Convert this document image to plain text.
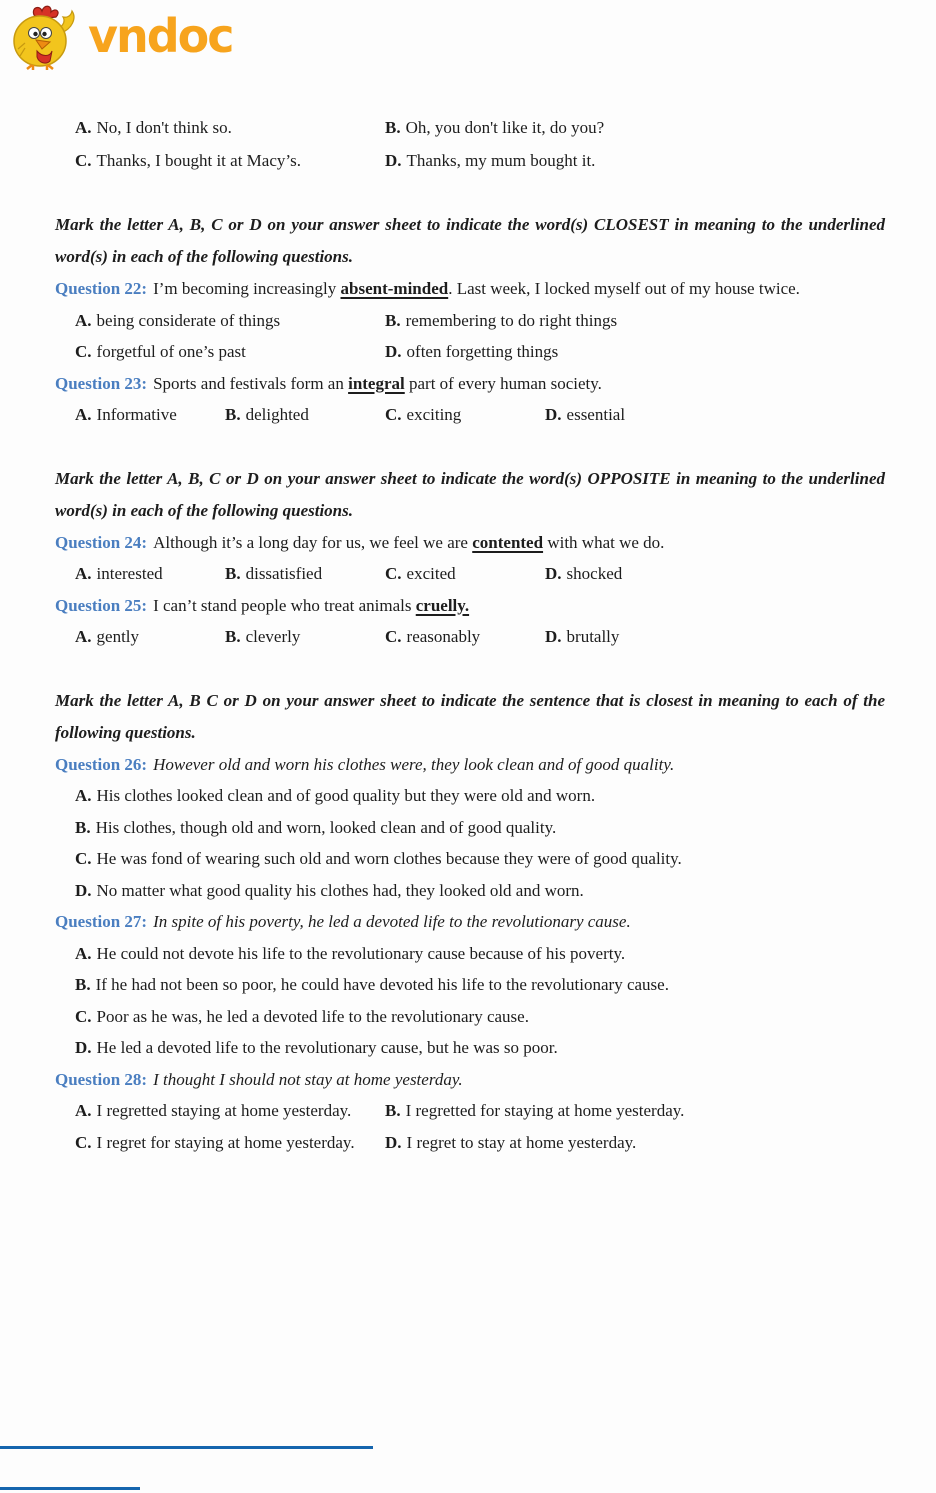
vndoc

A. No, I don't think so.	B. Oh, you don't like it, do you?

C. Thanks, I bought it at Macy’s.	D. Thanks, my mum bought it.

Mark the letter A, B, C or D on your answer sheet to indicate the word(s) CLOSEST in meaning to the underlined word(s) in each of the following questions.

Question 22: I’m becoming increasingly absent-minded. Last week, I locked myself out of my house twice.

A. being considerate of things	B. remembering to do right things

C. forgetful of one’s past	D. often forgetting things

Question 23: Sports and festivals form an integral part of every human society.

A. Informative	B. delighted	C. exciting	D. essential

Mark the letter A, B, C or D on your answer sheet to indicate the word(s) OPPOSITE in meaning to the underlined word(s) in each of the following questions.

Question 24: Although it’s a long day for us, we feel we are contented with what we do.

A. interested	B. dissatisfied	C. excited	D. shocked

Question 25: I can’t stand people who treat animals cruelly.

A. gently	B. cleverly	C. reasonably	D. brutally

Mark the letter A, B C or D on your answer sheet to indicate the sentence that is closest in meaning to each of the following questions.

Question 26: However old and worn his clothes were, they look clean and of good quality.

A. His clothes looked clean and of good quality but they were old and worn.

B. His clothes, though old and worn, looked clean and of good quality.

C. He was fond of wearing such old and worn clothes because they were of good quality.

D. No matter what good quality his clothes had, they looked old and worn.

Question 27: In spite of his poverty, he led a devoted life to the revolutionary cause.

A. He could not devote his life to the revolutionary cause because of his poverty.

B. If he had not been so poor, he could have devoted his life to the revolutionary cause.

C. Poor as he was, he led a devoted life to the revolutionary cause.

D. He led a devoted life to the revolutionary cause, but he was so poor.

Question 28: I thought I should not stay at home yesterday.

A. I regretted staying at home yesterday.	B. I regretted for staying at home yesterday.

C. I regret for staying at home yesterday.	D. I regret to stay at home yesterday.
